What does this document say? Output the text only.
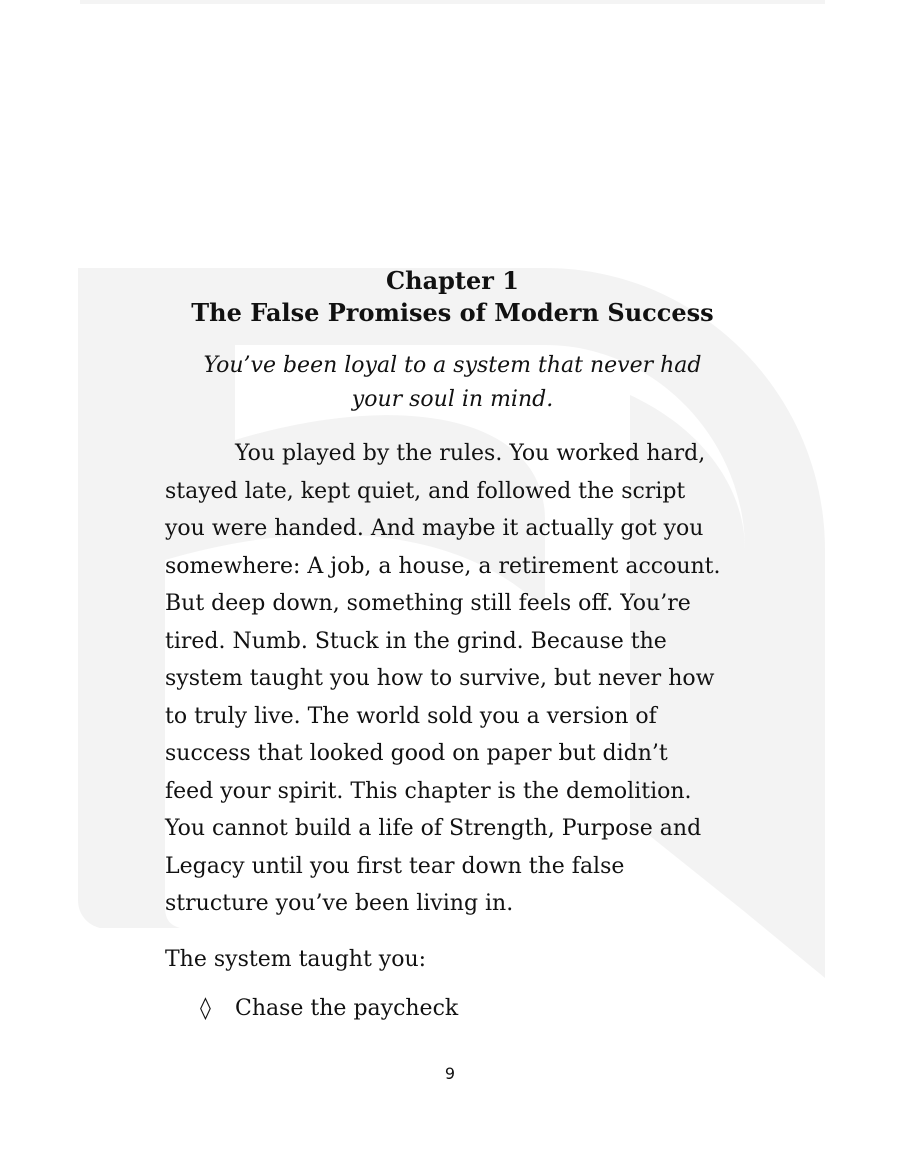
Chapter 1

The False Promises of Modern Success

You’ve been loyal to a system that never had
your soul in mind.

You played by the rules. You worked hard,
stayed late, kept quiet, and followed the script
you were handed. And maybe it actually got you
somewhere: A job, a house, a retirement account.
But deep down, something still feels off. You’re
tired. Numb. Stuck in the grind. Because the
system taught you how to survive, but never how
to truly live. The world sold you a version of
success that looked good on paper but didn’t
feed your spirit. This chapter is the demolition.
You cannot build a life of Strength, Purpose and
Legacy until you first tear down the false
structure you’ve been living in.

The system taught you:

◊	Chase the paycheck
9
